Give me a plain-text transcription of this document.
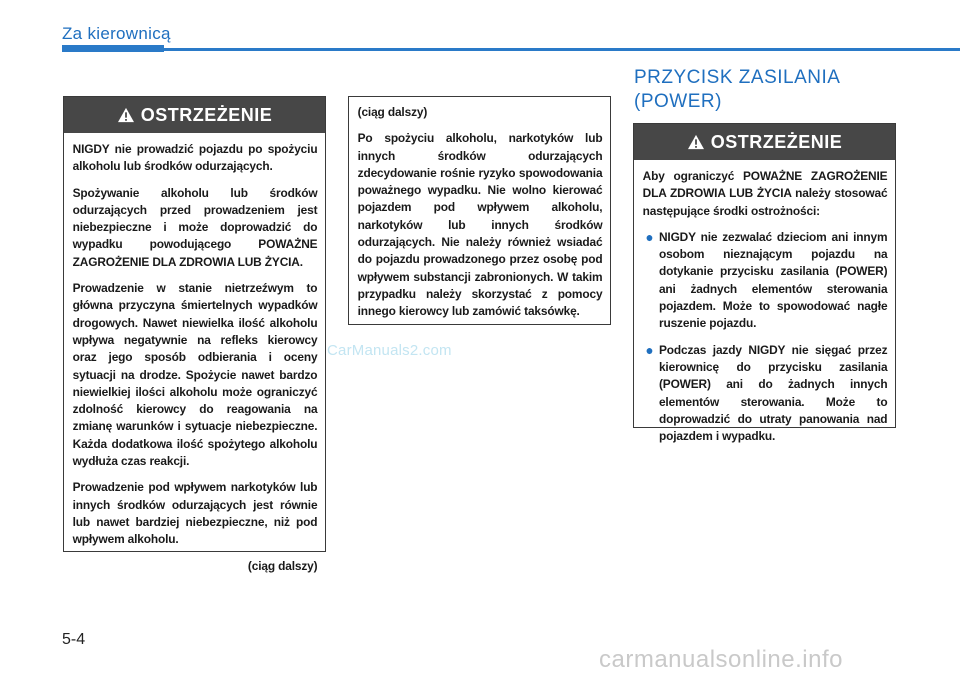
Za kierownicą
OSTRZEŻENIE

NIGDY nie prowadzić pojazdu po spożyciu alkoholu lub środków odurzających.

Spożywanie alkoholu lub środków odurzających przed prowadzeniem jest niebezpieczne i może doprowadzić do wypadku powodującego POWAŻNE ZAGROŻENIE DLA ZDROWIA LUB ŻYCIA.

Prowadzenie w stanie nietrzeźwym to główna przyczyna śmiertelnych wypadków drogowych. Nawet niewielka ilość alkoholu wpływa negatywnie na refleks kierowcy oraz jego sposób odbierania i oceny sytuacji na drodze. Spożycie nawet bardzo niewielkiej ilości alkoholu może ograniczyć zdolność kierowcy do reagowania na zmianę warunków i sytuacje niebezpieczne. Każda dodatkowa ilość spożytego alkoholu wydłuża czas reakcji.

Prowadzenie pod wpływem narkotyków lub innych środków odurzających jest równie lub nawet bardziej niebezpieczne, niż pod wpływem alkoholu.

(ciąg dalszy)

(ciąg dalszy)

Po spożyciu alkoholu, narkotyków lub innych środków odurzających zdecydowanie rośnie ryzyko spowodowania poważnego wypadku. Nie wolno kierować pojazdem pod wpływem alkoholu, narkotyków lub innych środków odurzających. Nie należy również wsiadać do pojazdu prowadzonego przez osobę pod wpływem substancji zabronionych. W takim przypadku należy skorzystać z pomocy innego kierowcy lub zamówić taksówkę.

CarManuals2.com
PRZYCISK ZASILANIA
(POWER)
OSTRZEŻENIE

Aby ograniczyć POWAŻNE ZAGROŻENIE DLA ZDROWIA LUB ŻYCIA należy stosować następujące środki ostrożności:

● NIGDY nie zezwalać dzieciom ani innym osobom nieznającym pojazdu na dotykanie przycisku zasilania (POWER) ani żadnych elementów sterowania pojazdem. Może to spowodować nagłe ruszenie pojazdu.
● Podczas jazdy NIGDY nie sięgać przez kierownicę do przycisku zasilania (POWER) ani do żadnych innych elementów sterowania. Może to doprowadzić do utraty panowania nad pojazdem i wypadku.
5-4
carmanualsonline.info
